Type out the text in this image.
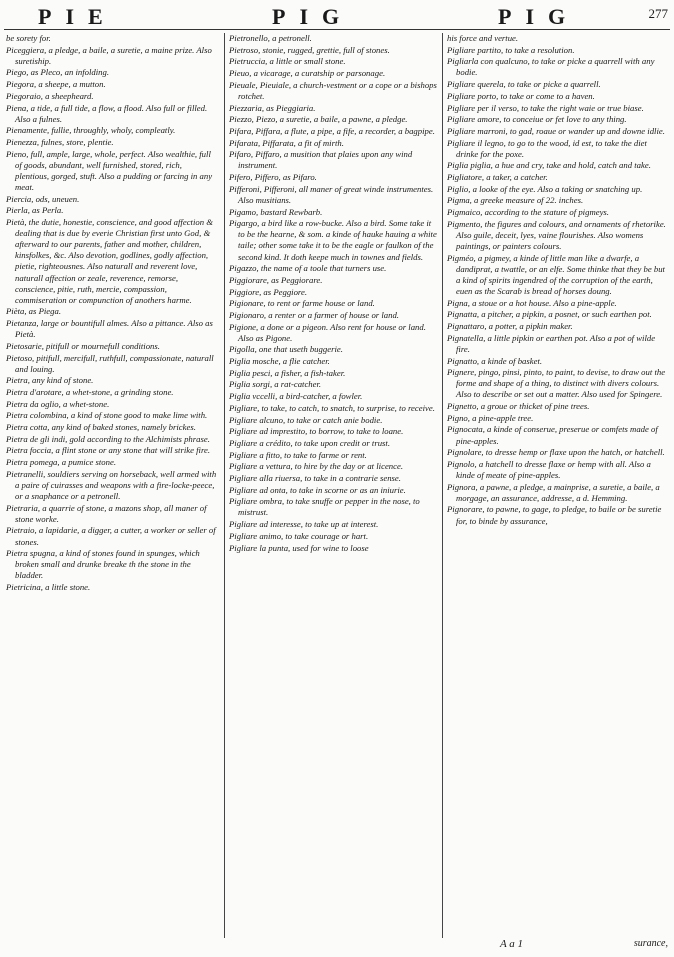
PIE	PIG	PIG	277
be sorety for.
Piceggiera, a pledge, a baile, a suretie, a maine prize. Also suretiship.
Piego, as Pleco, an infolding.
Piegora, a sheepe, a mutton.
Piegoraio, a sheepheard.
Piena, a tide, a full tide, a flow, a flood. Also full or filled. Also a fulnes.
Pienamente, fullie, throughly, wholy, compleatly.
Pienezza, fulnes, store, plentie.
Pieno, full, ample, large, whole, perfect. Also wealthie, full of goods, abundant, well furnished, stored, rich, plentious, gorged, stuft. Also a pudding or farcing in any meat.
Piercia, ods, uneuen.
Pierla, as Perla.
Pietà, the dutie, honestie, conscience, and good affection & dealing that is due by everie Christian first unto God, & afterward to our parents, father and mother, children, kinsfolkes, &c. Also devotion, godlines, godly affection, pietie, righteousnes. Also naturall and reverent love, naturall affection or zeale, reverence, remorse, conscience, pitie, ruth, mercie, compassion, commiseration or compunction of anothers harme.
Pièta, as Piega.
Pietanza, large or bountifull almes. Also a pittance. Also as Pietà.
Pietosarie, pitifull or mournefull conditions.
Pietoso, pitifull, mercifull, ruthfull, compassionate, naturall and louing.
Pietra, any kind of stone.
Pietra d'arotare, a whet-stone, a grinding stone.
Pietra da oglio, a whet-stone.
Pietra colombina, a kind of stone good to make lime with.
Pietra cotta, any kind of baked stones, namely brickes.
Pietra de gli indi, gold according to the Alchimists phrase.
Pietra foccia, a flint stone or any stone that will strike fire.
Pietra pomega, a pumice stone.
Pietranelli, souldiers serving on horseback, well armed with a paire of cuirasses and weapons with a fire-locke-peece, or a snaphance or a petronell.
Pietraria, a quarrie of stone, a mazons shop, all maner of stone worke.
Pietraio, a lapidarie, a digger, a cutter, a worker or seller of stones.
Pietra spugna, a kind of stones found in spunges, which broken small and drunke breake th the stone in the bladder.
Pietricina, a little stone.
Pietronello, a petronell.
Pietroso, stonie, rugged, grettie, full of stones.
Pietruccia, a little or small stone.
Pieuo, a vicarage, a curatship or parsonage.
Pieuale, Pieuiale, a church-vestment or a cope or a bishops rotchet.
Piezzaria, as Pieggiaria.
Piezzo, Piezo, a suretie, a baile, a pawne, a pledge.
Pifara, Piffara, a flute, a pipe, a fife, a recorder, a bagpipe.
Pifarata, Piffarata, a fit of mirth.
Pifaro, Piffaro, a musition that plaies upon any wind instrument.
Pifero, Piffero, as Pifaro.
Pifferoni, Pifferoni, all maner of great winde instrumentes. Also musitians.
Pigamo, bastard Rewbarb.
Pigargo, a bird like a row-bucke. Also a bird. Some take it to be the hearne, & som. a kinde of hauke hauing a white taile; other some take it to be the eagle or faulkon of the second kind. It doth keepe much in townes and fields.
Pigazzo, the name of a toole that turners use.
Piggiorare, as Peggiorare.
Piggiore, as Peggiore.
Pigionare, to rent or farme house or land.
Pigionaro, a renter or a farmer of house or land.
Pigione, a done or a pigeon. Also rent for house or land. Also as Pigone.
Pigolla, one that useth buggerie.
Piglia mosche, a flie catcher.
Piglia pesci, a fisher, a fish-taker.
Piglia sorgi, a rat-catcher.
Piglia vccelli, a bird-catcher, a fowler.
Pigliare, to take, to catch, to snatch, to surprise, to receive.
Pigliare alcuno, to take or catch anie bodie.
Pigliare ad imprestito, to borrow, to take to loane.
Pigliare a crédito, to take upon credit or trust.
Pigliare a fitto, to take to farme or rent.
Pigliare a vettura, to hire by the day or at licence.
Pigliare alla riuersa, to take in a contrarie sense.
Pigliare ad onta, to take in scorne or as an iniurie.
Pigliare ombra, to take snuffe or pepper in the nose, to mistrust.
Pigliare ad interesse, to take up at interest.
Pigliare animo, to take courage or hart.
Pigliare la punta, used for wine to loose
his force and vertue.
Pigliare partito, to take a resolution.
Pigliarla con qualcuno, to take or picke a quarrell with any bodie.
Pigliare querela, to take or picke a quarrell.
Pigliare porto, to take or come to a haven.
Pigliare per il verso, to take the right waie or true biase.
Pigliare amore, to conceiue or fet love to any thing.
Pigliare marroni, to gad, roaue or wander up and downe idlie.
Pigliare il legno, to go to the wood, id est, to take the diet drinke for the poxe.
Piglia piglia, a hue and cry, take and hold, catch and take.
Pigliatore, a taker, a catcher.
Piglio, a looke of the eye. Also a taking or snatching up.
Pigma, a greeke measure of 22. inches.
Pigmaico, according to the stature of pigmeys.
Pigmento, the figures and colours, and ornaments of rhetorike. Also guile, deceit, lyes, vaine flourishes. Also womens paintings, or painters colours.
Pigméo, a pigmey, a kinde of little man like a dwarfe, a dandiprat, a twattle, or an elfe. Some thinke that they be but a kind of spirits ingendred of the corruption of the earth, euen as the Scarab is bread of horses doung.
Pigna, a stoue or a hot house. Also a pine-apple.
Pignatta, a pitcher, a pipkin, a posnet, or such earthen pot.
Pignattaro, a potter, a pipkin maker.
Pignatella, a little pipkin or earthen pot. Also a pot of wilde fire.
Pignatto, a kinde of basket.
Pignere, pingo, pinsi, pinto, to paint, to devise, to draw out the forme and shape of a thing, to distinct with divers colours. Also to describe or set out a matter. Also used for Spingere.
Pignetto, a groue or thicket of pine trees.
Pigno, a pine-apple tree.
Pignocata, a kinde of conserue, preserue or comfets made of pine-apples.
Pignolare, to dresse hemp or flaxe upon the hatch, or hatchell.
Pignolo, a hatchell to dresse flaxe or hemp with all. Also a kinde of meate of pine-apples.
Pignora, a pawne, a pledge, a mainprise, a suretie, a baile, a morgage, an assurance, addresse, a d. Hemming.
Pignorare, to pawne, to gage, to pledge, to baile or be suretie for, to binde by assurance,
A a 1	surance,
